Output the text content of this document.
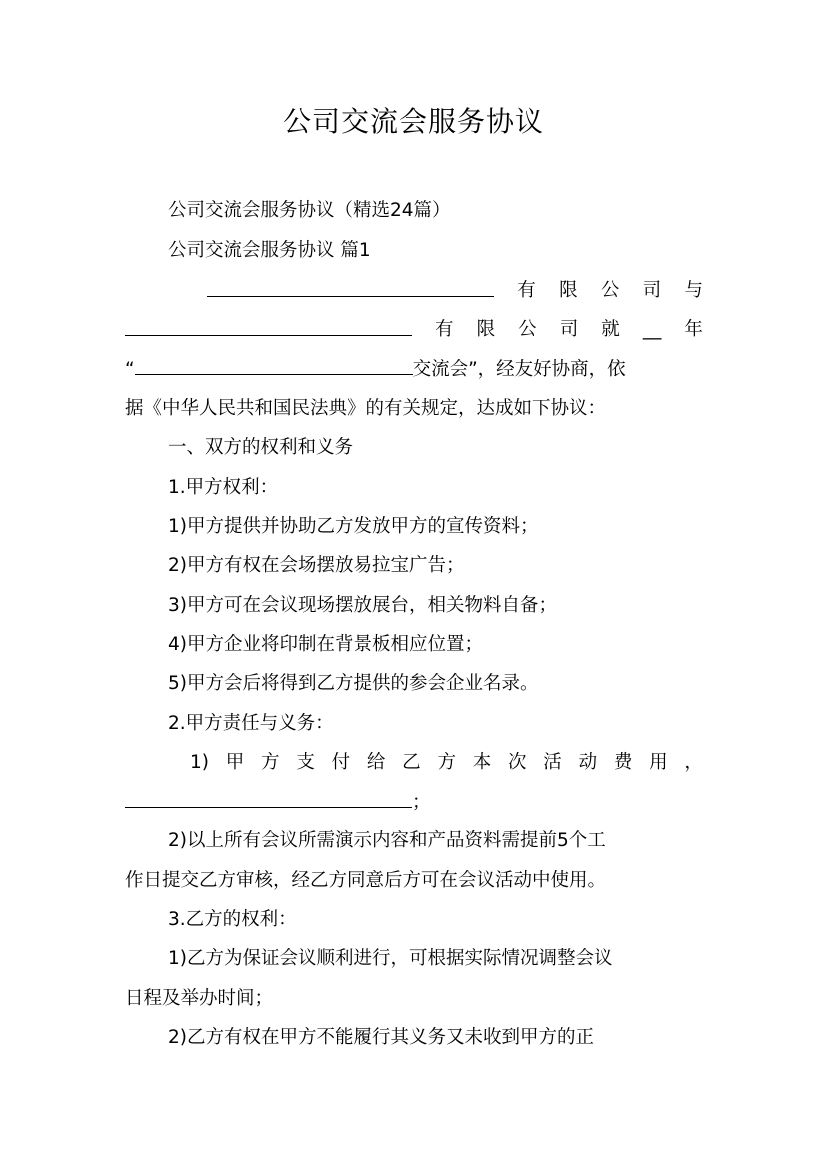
公司交流会服务协议
公司交流会服务协议（精选24篇）
公司交流会服务协议 篇1
有 限 公 司 与
有 限 公 司 就 __ 年
“	交流会”，经友好协商，依
据《中华人民共和国民法典》的有关规定，达成如下协议：
一、双方的权利和义务
1.甲方权利：
1)甲方提供并协助乙方发放甲方的宣传资料；
2)甲方有权在会场摆放易拉宝广告；
3)甲方可在会议现场摆放展台，相关物料自备；
4)甲方企业将印制在背景板相应位置；
5)甲方会后将得到乙方提供的参会企业名录。
2.甲方责任与义务：
1) 甲 方 支 付 给 乙 方 本 次 活 动 费 用 ，
；
2)以上所有会议所需演示内容和产品资料需提前5个工
作日提交乙方审核，经乙方同意后方可在会议活动中使用。
3.乙方的权利：
1)乙方为保证会议顺利进行，可根据实际情况调整会议
日程及举办时间；
2)乙方有权在甲方不能履行其义务又未收到甲方的正
